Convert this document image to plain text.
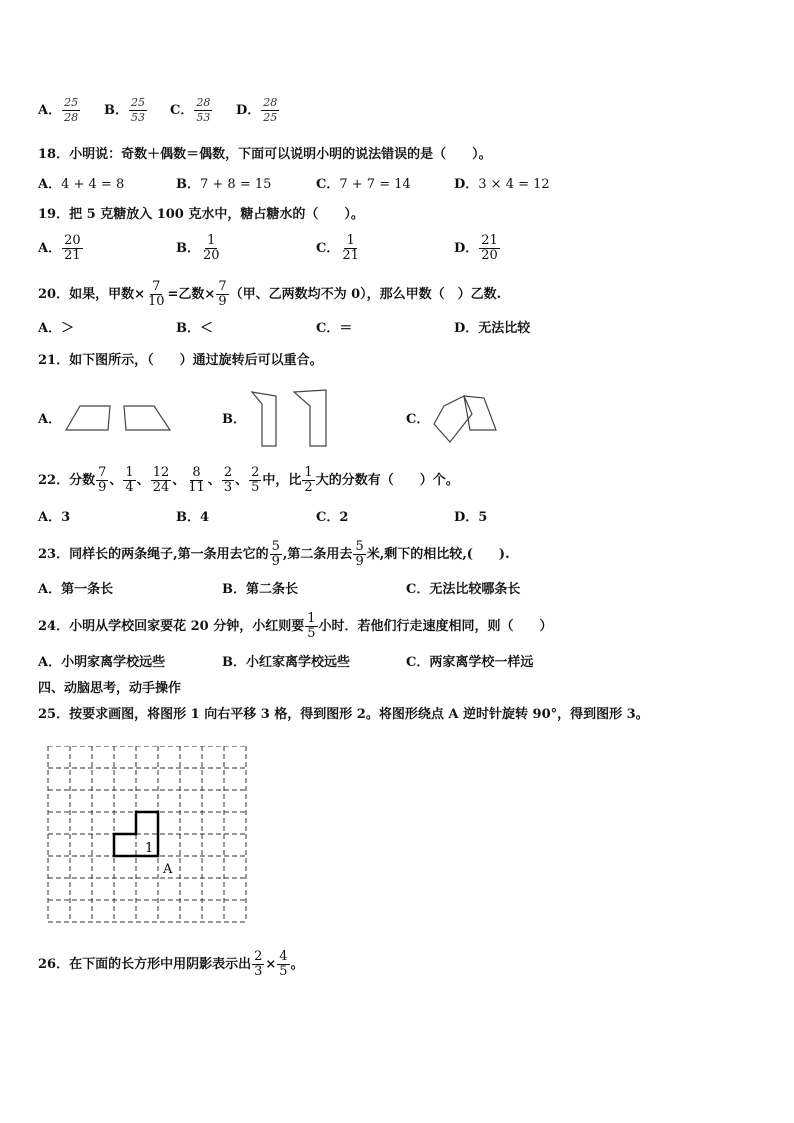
A． $\frac{25}{28}$ B． $\frac{25}{53}$ C． $\frac{28}{53}$ D． $\frac{28}{25}$
18．小明说：奇数＋偶数＝偶数，下面可以说明小明的说法错误的是（　　）。
A．4 + 4 = 8	B．7 + 8 = 15	C．7 + 7 = 14	D．3 × 4 = 12
19．把 5 克糖放入 100 克水中，糖占糖水的（　　）。
A． $\frac{20}{21}$	B． $\frac{1}{20}$	C． $\frac{1}{21}$	D． $\frac{21}{20}$
20．如果，甲数× $\frac{7}{10}$ =乙数× $\frac{7}{9}$ （甲、乙两数均不为 0），那么甲数（　）乙数.
A．＞	B．＜	C．＝	D．无法比较
21．如下图所示，（　　）通过旋转后可以重合。
A．	B．	C．
22．分数 $\frac{7}{9}$ 、 $\frac{1}{4}$ 、 $\frac{12}{24}$ 、 $\frac{8}{11}$ 、 $\frac{2}{3}$ 、 $\frac{2}{5}$ 中，比 $\frac{1}{2}$ 大的分数有（　　）个。
A．3	B．4	C．2	D．5
23．同样长的两条绳子,第一条用去它的 $\frac{5}{9}$ ,第二条用去 $\frac{5}{9}$ 米,剩下的相比较,(　　).
A．第一条长	B．第二条长	C．无法比较哪条长
24．小明从学校回家要花 20 分钟，小红则要 $\frac{1}{5}$ 小时．若他们行走速度相同，则（　　）
A．小明家离学校远些	B．小红家离学校远些	C．两家离学校一样远
四、动脑思考，动手操作
25．按要求画图，将图形 1 向右平移 3 格，得到图形 2。将图形绕点 A 逆时针旋转 90°，得到图形 3。
1
A
26．在下面的长方形中用阴影表示出 $\frac{2}{3} \times \frac{4}{5}$ 。
